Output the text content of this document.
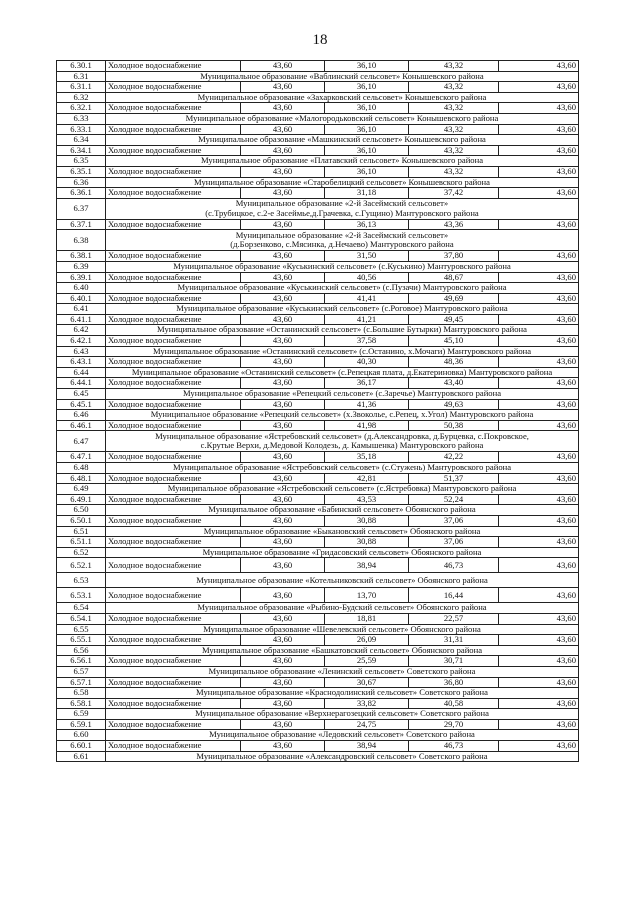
18
6.30.1	Холодное водоснабжение	43,60	36,10	43,32	43,60
6.31	Муниципальное образование «Ваблинский сельсовет» Конышевского района				
6.31.1	Холодное водоснабжение	43,60	36,10	43,32	43,60
6.32	Муниципальное образование «Захарковский сельсовет» Конышевского района				
6.32.1	Холодное водоснабжение	43,60	36,10	43,32	43,60
6.33	Муниципальное образование «Малогородьковский сельсовет» Конышевского района				
6.33.1	Холодное водоснабжение	43,60	36,10	43,32	43,60
6.34	Муниципальное образование «Машкинский сельсовет» Конышевского района				
6.34.1	Холодное водоснабжение	43,60	36,10	43,32	43,60
6.35	Муниципальное образование «Платавский сельсовет» Конышевского района				
6.35.1	Холодное водоснабжение	43,60	36,10	43,32	43,60
6.36	Муниципальное образование «Старобелицкий сельсовет» Конышевского района				
6.36.1	Холодное водоснабжение	43,60	31,18	37,42	43,60
6.37	Муниципальное образование «2-й Засеймский сельсовет»
(с.Трубицкое, с.2-е Засеймье,д.Грачевка, с.Гущино) Мантуровского района				

6.37.1	Холодное водоснабжение	43,60	36,13	43,36	43,60
6.38	Муниципальное образование «2-й Засеймский сельсовет»
(д.Борзенково, с.Мясинка, д.Нечаево) Мантуровского района				

6.38.1	Холодное водоснабжение	43,60	31,50	37,80	43,60
6.39	Муниципальное образование «Куськинский сельсовет» (с.Куськино) Мантуровского района				
6.39.1	Холодное водоснабжение	43,60	40,56	48,67	43,60
6.40	Муниципальное образование «Куськинский сельсовет» (с.Пузачи) Мантуровского района				
6.40.1	Холодное водоснабжение	43,60	41,41	49,69	43,60
6.41	Муниципальное образование «Куськинский сельсовет» (с.Роговое) Мантуровского района				
6.41.1	Холодное водоснабжение	43,60	41,21	49,45	43,60
6.42	Муниципальное образование «Останинский сельсовет» (с.Большие Бутырки) Мантуровского района				
6.42.1	Холодное водоснабжение	43,60	37,58	45,10	43,60
6.43	Муниципальное образование «Останинский сельсовет» (с.Останино, х.Мочаги) Мантуровского района				
6.43.1	Холодное водоснабжение	43,60	40,30	48,36	43,60
6.44	Муниципальное образование «Останинский сельсовет» (с.Репецкая плата, д.Екатериновка) Мантуровского района				
6.44.1	Холодное водоснабжение	43,60	36,17	43,40	43,60
6.45	Муниципальное образование «Репецкий сельсовет» (с.Заречье) Мантуровского района				
6.45.1	Холодное водоснабжение	43,60	41,36	49,63	43,60
6.46	Муниципальное образование «Репецкий сельсовет» (х.Звоколье, с.Репец, х.Угол) Мантуровского района				
6.46.1	Холодное водоснабжение	43,60	41,98	50,38	43,60
6.47	Муниципальное образование «Ястребовский сельсовет» (д.Александровка, д.Бурцевка, с.Покровское,
с.Крутые Верхи, д.Медовой Колодезь, д. Камышенка) Мантуровского района				

6.47.1	Холодное водоснабжение	43,60	35,18	42,22	43,60
6.48	Муниципальное образование «Ястребовский сельсовет» (с.Стужень) Мантуровского района				
6.48.1	Холодное водоснабжение	43,60	42,81	51,37	43,60
6.49	Муниципальное образование «Ястребовский сельсовет» (с.Ястребовка) Мантуровского района				
6.49.1	Холодное водоснабжение	43,60	43,53	52,24	43,60
6.50	Муниципальное образование «Бабинский сельсовет» Обоянского района				
6.50.1	Холодное водоснабжение	43,60	30,88	37,06	43,60
6.51	Муниципальное образование «Быкановский сельсовет» Обоянского района				
6.51.1	Холодное водоснабжение	43,60	30,88	37,06	43,60
6.52	Муниципальное образование «Гридасовский сельсовет» Обоянского района				
6.52.1	Холодное водоснабжение	43,60	38,94	46,73	43,60
6.53	Муниципальное образование «Котельниковский сельсовет» Обоянского района				
6.53.1	Холодное водоснабжение	43,60	13,70	16,44	43,60
6.54	Муниципальное образование «Рыбино-Будский сельсовет» Обоянского района				
6.54.1	Холодное водоснабжение	43,60	18,81	22,57	43,60
6.55	Муниципальное образование «Шевелевский сельсовет» Обоянского района				
6.55.1	Холодное водоснабжение	43,60	26,09	31,31	43,60
6.56	Муниципальное образование «Башкатовский сельсовет» Обоянского района				
6.56.1	Холодное водоснабжение	43,60	25,59	30,71	43,60
6.57	Муниципальное образование «Ленинский сельсовет» Советского района				
6.57.1	Холодное водоснабжение	43,60	30,67	36,80	43,60
6.58	Муниципальное образование «Краснодолинский сельсовет» Советского района				
6.58.1	Холодное водоснабжение	43,60	33,82	40,58	43,60
6.59	Муниципальное образование «Верхнерагозецкий сельсовет» Советского района				
6.59.1	Холодное водоснабжение	43,60	24,75	29,70	43,60
6.60	Муниципальное образование «Ледовский сельсовет» Советского района				
6.60.1	Холодное водоснабжение	43,60	38,94	46,73	43,60
6.61	Муниципальное образование «Александровский сельсовет» Советского района				
